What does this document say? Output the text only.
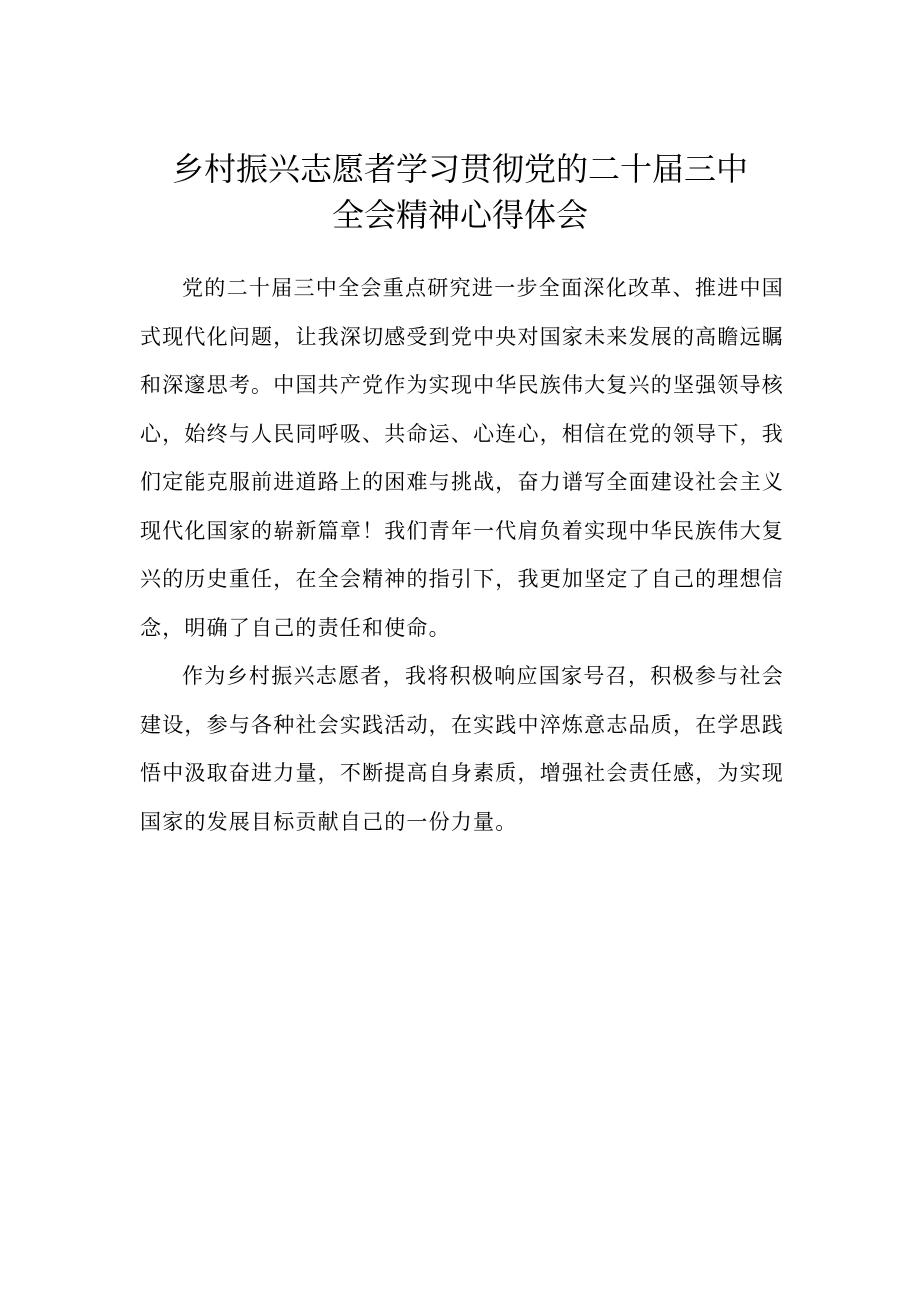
乡村振兴志愿者学习贯彻党的二十届三中
全会精神心得体会

党的二十届三中全会重点研究进一步全面深化改革、推进中国式现代化问题，让我深切感受到党中央对国家未来发展的高瞻远瞩和深邃思考。中国共产党作为实现中华民族伟大复兴的坚强领导核心，始终与人民同呼吸、共命运、心连心，相信在党的领导下，我们定能克服前进道路上的困难与挑战，奋力谱写全面建设社会主义现代化国家的崭新篇章！我们青年一代肩负着实现中华民族伟大复兴的历史重任，在全会精神的指引下，我更加坚定了自己的理想信念，明确了自己的责任和使命。

作为乡村振兴志愿者，我将积极响应国家号召，积极参与社会建设，参与各种社会实践活动，在实践中淬炼意志品质，在学思践悟中汲取奋进力量，不断提高自身素质，增强社会责任感，为实现国家的发展目标贡献自己的一份力量。
